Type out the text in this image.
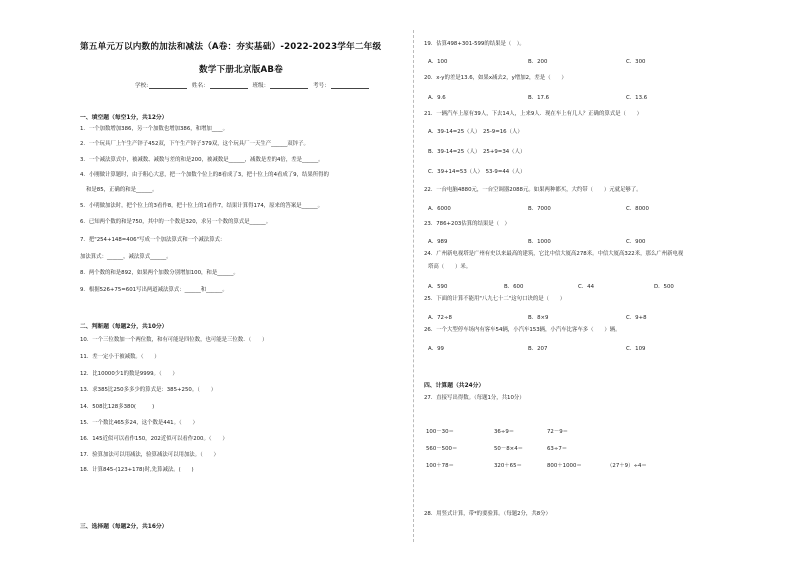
第五单元万以内数的加法和减法（A卷：夯实基础）-2022-2023学年二年级
数学下册北京版AB卷
学校:	姓名：	班级：	考号：
一、填空题（每空1分，共12分）
1．一个加数增加386，另一个加数也增加386，和增加____。
2．一个玩具厂上午生产锌子452双，下午生产锌子379双，这个玩具厂一天生产______双锌子。
3．一个减法算式中，被减数、减数与差的和是200，被减数是______，减数是差的4倍，差是______。
4．小刚做计算题时，由于粗心大意，把一个加数个位上的8看成了3，把十位上的4看成了9，结果所得的
和是85，正确的和是______。
5．小明做加法时，把个位上的3看作8，把十位上的1看作7，结果计算得174，原来的答案是______。
6．已知两个数的和是750，其中的一个数是320，求另一个数的算式是______。
7．把"254+148=406"写成一个加法算式和一个减法算式：
加法算式：______，减法算式______。
8．两个数的和是892，如果两个加数分别增加100，和是______。
9．根据526+75=601写出两道减法算式：______和______。
二、判断题（每题2分，共10分）
10．一个三位数加一个两位数，和有可能是四位数，也可能是三位数．（　　）
11．差一定小于被减数。（　　）
12．比10000少1的数是9999。（　　）
13．求385比250多多少的算式是：385+250。（　　）
14．508比128多380(　　　)
15．一个数比465多24，这个数是441。（　　）
16．145近似可以看作150，202近似可以看作200。（　　）
17．验算加法可以用减法，验算减法可以用加法。（　　）
18．计算845-(123+178)时,先算减法。(　　)
三、选择题（每题2分，共16分）
19．估算498+301-599的结果是（　）。
A．100	B．200	C．300
20．x-y的差是13.6，如果x减去2，y增加2，差是（　　）
A．9.6	B．17.6	C．13.6
21．一辆汽车上原有39人，下去14人，上来9人．现在车上有几人？正确的算式是（　　）
A．39-14=25（人）　25-9=16（人）
B．39-14=25（人）　25+9=34（人）
C．39+14=53（人）　53-9=44（人）
22．一台电脑4880元，一台空调器2088元。如果两种都买，大约带（　　）元就足够了。
A．6000	B．7000	C．8000
23．786+203估算的结果是（　）
A．989	B．1000	C．900
24．广州新电视塔是广州有史以来最高的建筑，它比中信大厦高278米。中信大厦高322米，那么广州新电视
塔高（　　）米。
A．590	B．600	C．44	D．500
25．下面的计算不能用"八九七十二"这句口诀的是（　　）
A．72÷8	B．8×9	C．9+8
26．一个大型停车场内有客车54辆，小汽车153辆，小汽车比客车多（　　）辆。
A．99	B．207	C．109
四、计算题（共24分）
27．直接写出得数。（每题1分，共10分）
100－30＝	36÷9＝	72－9＝
560－500＝	50－8×4＝	63÷7＝
100＋78＝	320＋65＝	800＋1000＝	（27＋9）÷4＝
28．用竖式计算，带*的要验算。（每题2分，共8分）
